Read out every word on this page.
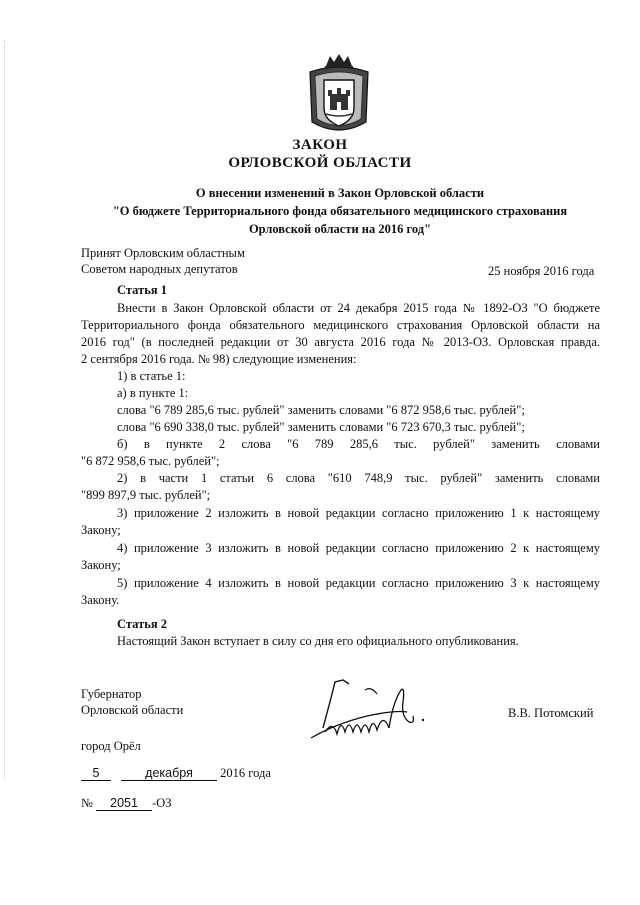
ЗАКОН
ОРЛОВСКОЙ ОБЛАСТИ
О внесении изменений в Закон Орловской области
"О бюджете Территориального фонда обязательного медицинского страхования
Орловской области на 2016 год"
Принят Орловским областным
Советом народных депутатов	25 ноября 2016 года
Статья 1
Внести в Закон Орловской области от 24 декабря 2015 года № 1892-ОЗ "О бюджете
Территориального фонда обязательного медицинского страхования Орловской области на
2016 год" (в последней редакции от 30 августа 2016 года № 2013-ОЗ. Орловская правда.
2 сентября 2016 года. № 98) следующие изменения:
1) в статье 1:
а) в пункте 1:
слова "6 789 285,6 тыс. рублей" заменить словами "6 872 958,6 тыс. рублей";
слова "6 690 338,0 тыс. рублей" заменить словами "6 723 670,3 тыс. рублей";
б) в пункте 2 слова "6 789 285,6 тыс. рублей" заменить словами
"6 872 958,6 тыс. рублей";
2) в части 1 статьи 6 слова "610 748,9 тыс. рублей" заменить словами
"899 897,9 тыс. рублей";
3) приложение 2 изложить в новой редакции согласно приложению 1 к настоящему
Закону;
4) приложение 3 изложить в новой редакции согласно приложению 2 к настоящему
Закону;
5) приложение 4 изложить в новой редакции согласно приложению 3 к настоящему
Закону.
Статья 2
Настоящий Закон вступает в силу со дня его официального опубликования.
Губернатор
Орловской области	В.В. Потомский
город Орёл
5	декабря 2016 года
№ 2051 -ОЗ
